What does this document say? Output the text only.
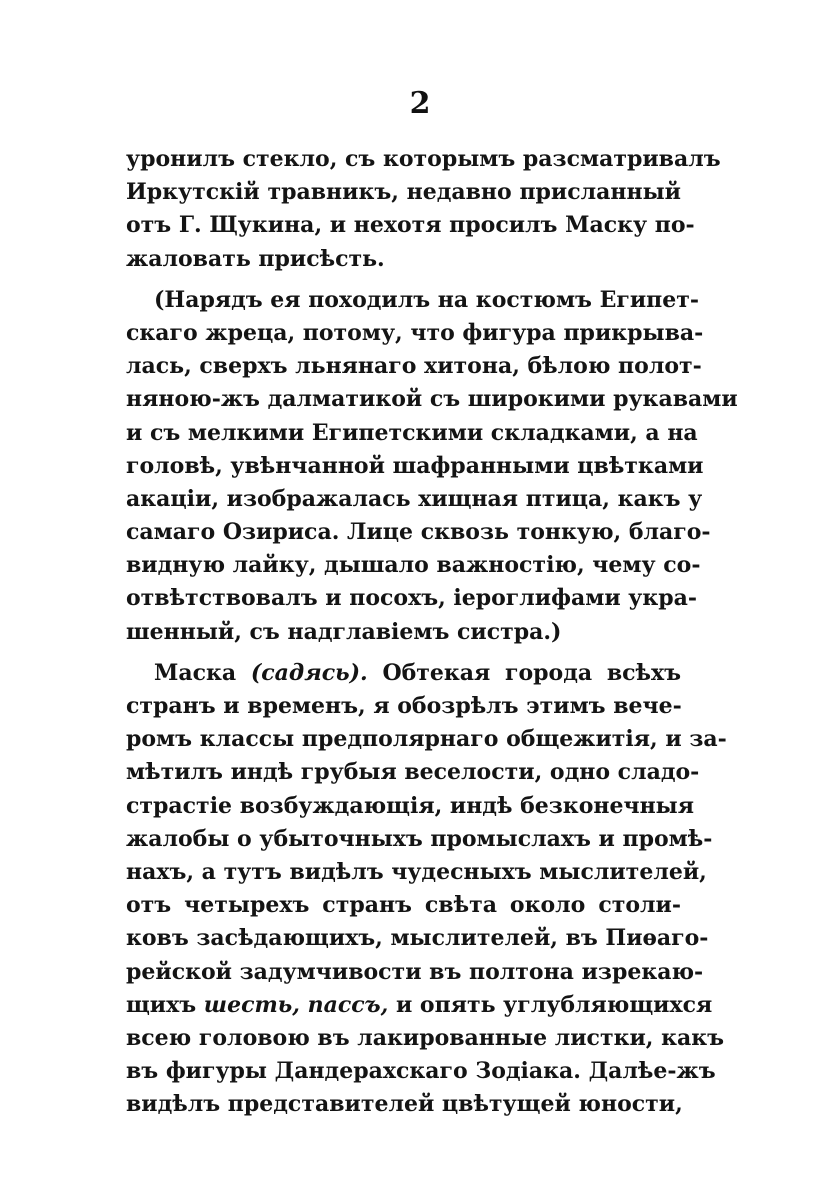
2
уронилъ стекло, съ которымъ разсматривалъ
Иркутскій травникъ, недавно присланный
отъ Г. Щукина, и нехотя просилъ Маску по-
жаловать присѣсть.
(Нарядъ ея походилъ на костюмъ Египет-
скаго жреца, потому, что фигура прикрыва-
лась, сверхъ льнянаго хитона, бѣлою полот-
няною-жъ далматикой съ широкими рукавами
и съ мелкими Египетскими складками, а на
головѣ, увѣнчанной шафранными цвѣтками
акаціи, изображалась хищная птица, какъ у
самаго Озириса. Лице сквозь тонкую, благо-
видную лайку, дышало важностію, чему со-
отвѣтствовалъ и посохъ, іероглифами укра-
шенный, съ надглавіемъ систра.)
Маска (садясь). Обтекая города всѣхъ
странъ и временъ, я обозрѣлъ этимъ вече-
ромъ классы предполярнаго общежитія, и за-
мѣтилъ индѣ грубыя веселости, одно сладо-
страстіе возбуждающія, индѣ безконечныя
жалобы о убыточныхъ промыслахъ и промѣ-
нахъ, а тутъ видѣлъ чудесныхъ мыслителей,
отъ четырехъ странъ свѣта около столи-
ковъ засѣдающихъ, мыслителей, въ Пиѳаго-
рейской задумчивости въ полтона изрекаю-
щихъ шесть, пассъ, и опять углубляющихся
всею головою въ лакированные листки, какъ
въ фигуры Дандерахскаго Зодіака. Далѣе-жъ
видѣлъ представителей цвѣтущей юности,
